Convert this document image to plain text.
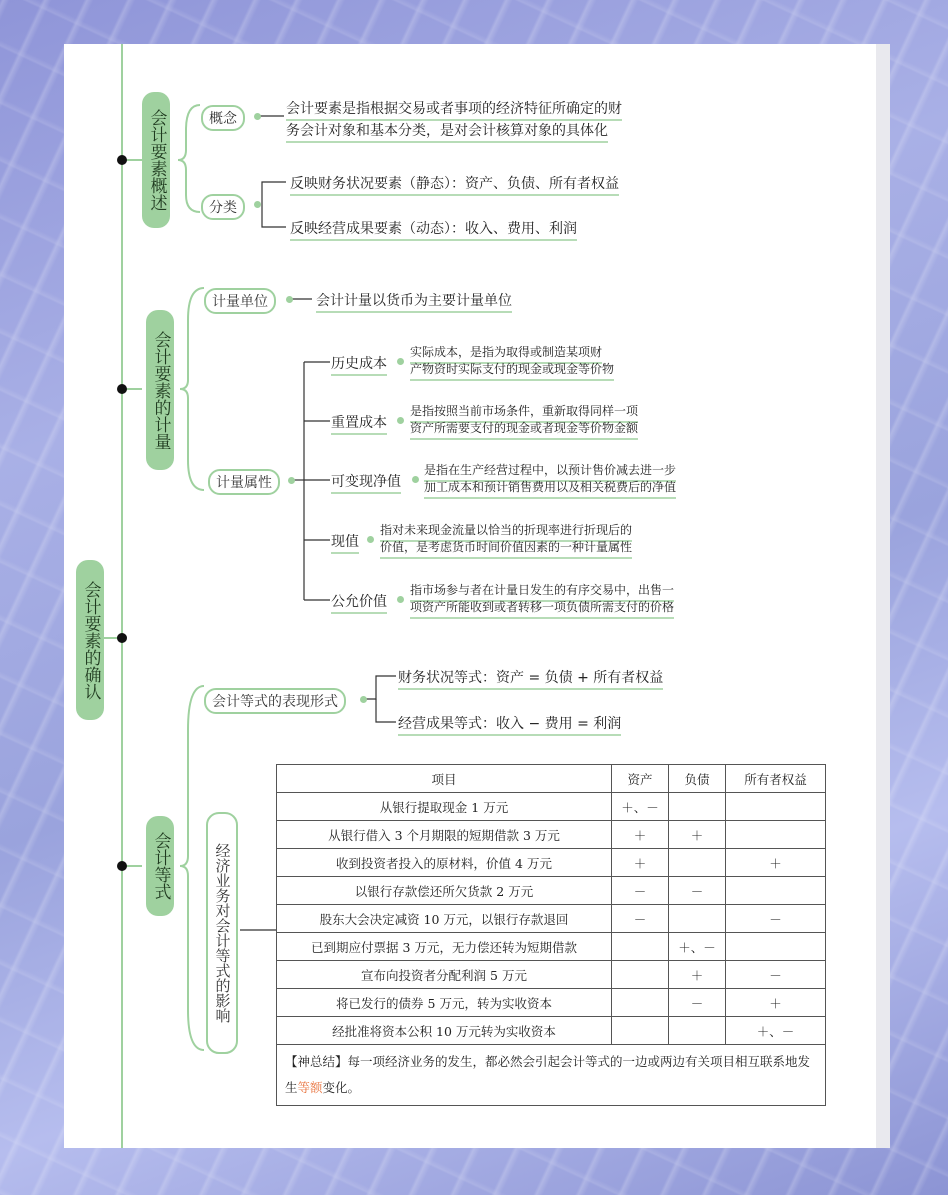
会计要素的确认
会计要素概述	概念
会计要素是指根据交易或者事项的经济特征所确定的财
务会计对象和基本分类，是对会计核算对象的具体化
分类
反映财务状况要素（静态）：资产、负债、所有者权益
反映经营成果要素（动态）：收入、费用、利润
会计要素的计量
计量单位	会计计量以货币为主要计量单位
计量属性
历史成本
实际成本，是指为取得或制造某项财
产物资时实际支付的现金或现金等价物
重置成本
是指按照当前市场条件，重新取得同样一项
资产所需要支付的现金或者现金等价物金额
可变现净值
是指在生产经营过程中，以预计售价减去进一步
加工成本和预计销售费用以及相关税费后的净值
现值
指对未来现金流量以恰当的折现率进行折现后的
价值，是考虑货币时间价值因素的一种计量属性
公允价值
指市场参与者在计量日发生的有序交易中，出售一
项资产所能收到或者转移一项负债所需支付的价格
会计等式
会计等式的表现形式
财务状况等式：资产 = 负债 + 所有者权益
经营成果等式：收入 − 费用 = 利润
经济业务对会计等式的影响
项目	资产	负债	所有者权益
从银行提取现金 1 万元	＋、－		
从银行借入 3 个月期限的短期借款 3 万元	＋	＋	
收到投资者投入的原材料，价值 4 万元	＋		＋
以银行存款偿还所欠货款 2 万元	－	－	
股东大会决定减资 10 万元，以银行存款退回	－		－
已到期应付票据 3 万元，无力偿还转为短期借款		＋、－	
宣布向投资者分配利润 5 万元		＋	－
将已发行的债券 5 万元，转为实收资本		－	＋
经批准将资本公积 10 万元转为实收资本			＋、－
【神总结】每一项经济业务的发生，都必然会引起会计等式的一边或两边有关项目相互联系地发生等额变化。			
